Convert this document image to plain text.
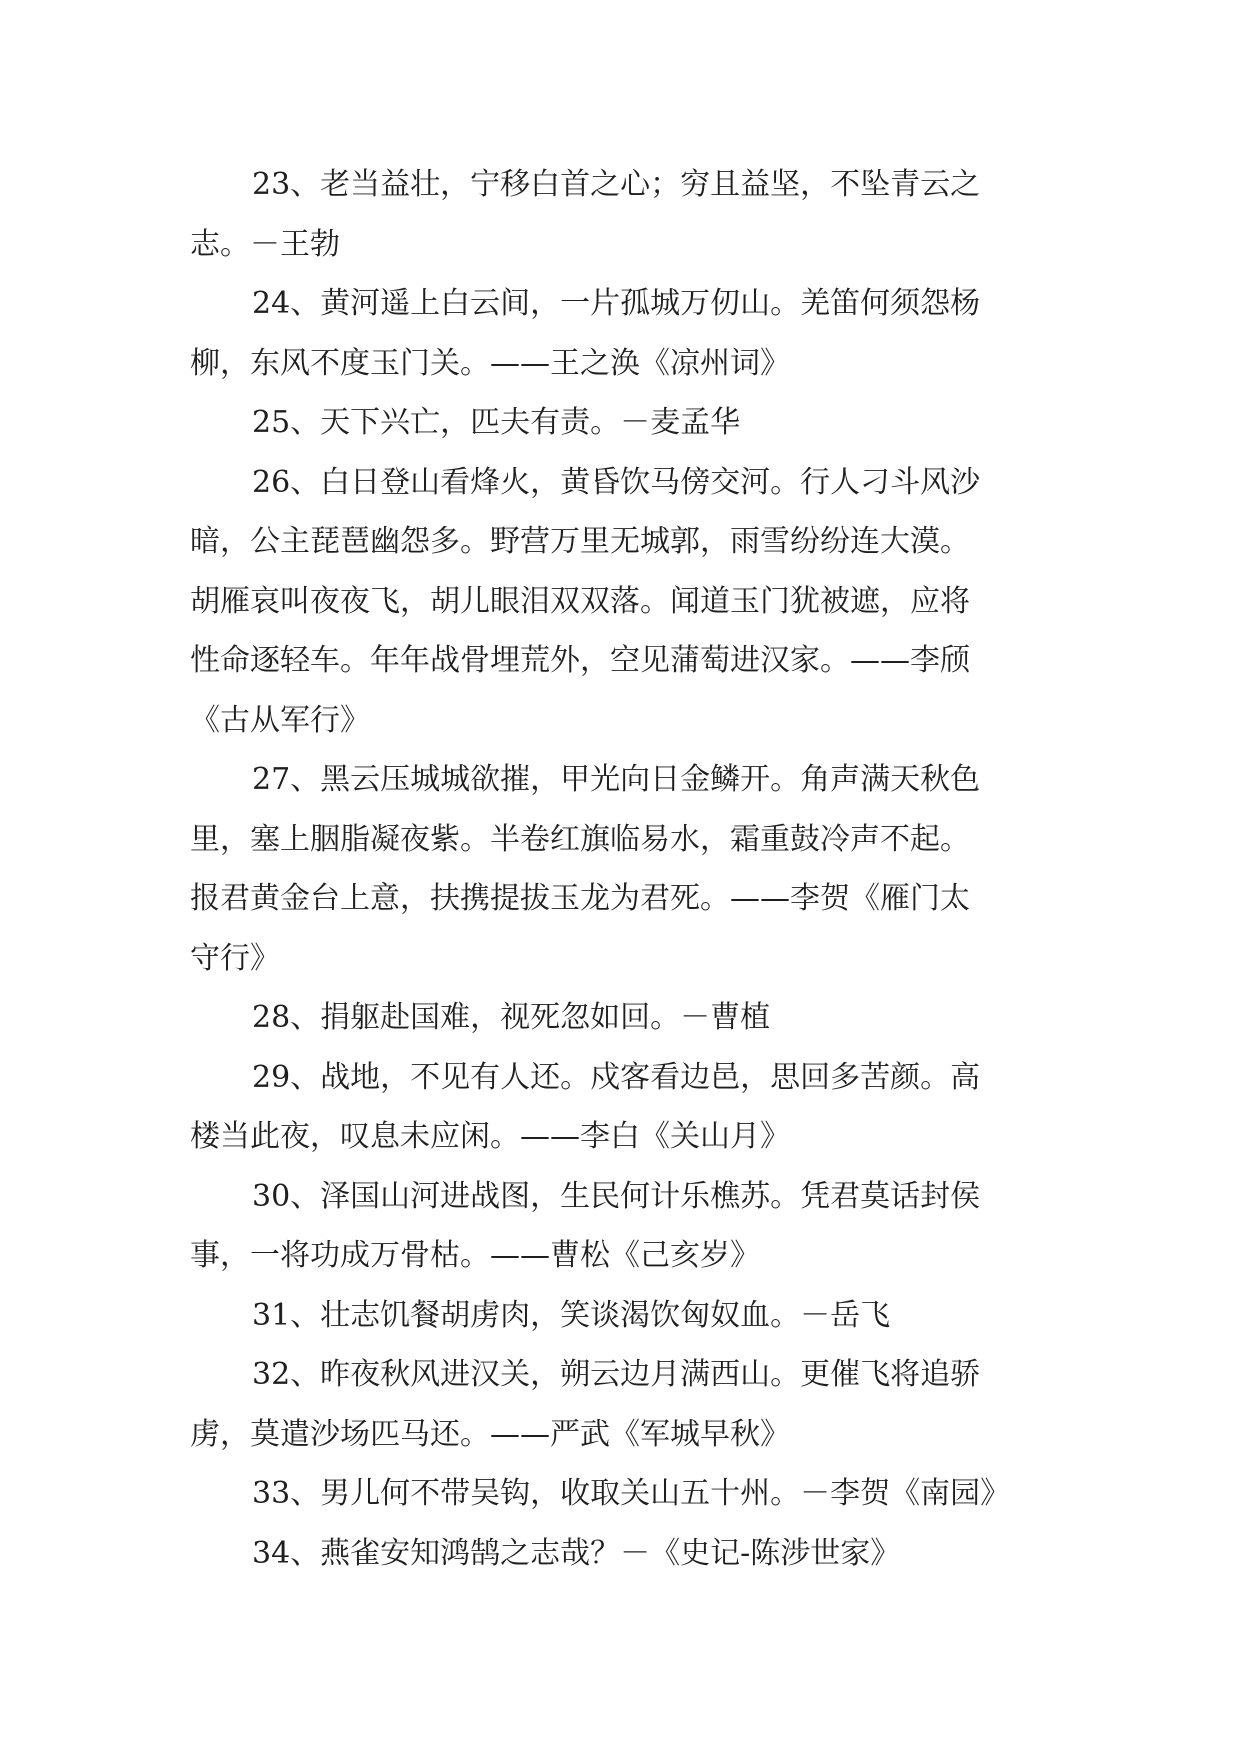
23、老当益壮，宁移白首之心；穷且益坚，不坠青云之
志。－王勃
24、黄河遥上白云间，一片孤城万仞山。羌笛何须怨杨
柳，东风不度玉门关。——王之涣《凉州词》
25、天下兴亡，匹夫有责。－麦孟华
26、白日登山看烽火，黄昏饮马傍交河。行人刁斗风沙
暗，公主琵琶幽怨多。野营万里无城郭，雨雪纷纷连大漠。
胡雁哀叫夜夜飞，胡儿眼泪双双落。闻道玉门犹被遮，应将
性命逐轻车。年年战骨埋荒外，空见蒲萄进汉家。——李颀
《古从军行》
27、黑云压城城欲摧，甲光向日金鳞开。角声满天秋色
里，塞上胭脂凝夜紫。半卷红旗临易水，霜重鼓冷声不起。
报君黄金台上意，扶携提拔玉龙为君死。——李贺《雁门太
守行》
28、捐躯赴国难，视死忽如回。－曹植
29、战地，不见有人还。戍客看边邑，思回多苦颜。高
楼当此夜，叹息未应闲。——李白《关山月》
30、泽国山河进战图，生民何计乐樵苏。凭君莫话封侯
事，一将功成万骨枯。——曹松《己亥岁》
31、壮志饥餐胡虏肉，笑谈渴饮匈奴血。－岳飞
32、昨夜秋风进汉关，朔云边月满西山。更催飞将追骄
虏，莫遣沙场匹马还。——严武《军城早秋》
33、男儿何不带吴钩，收取关山五十州。－李贺《南园》
34、燕雀安知鸿鹄之志哉？－《史记-陈涉世家》
